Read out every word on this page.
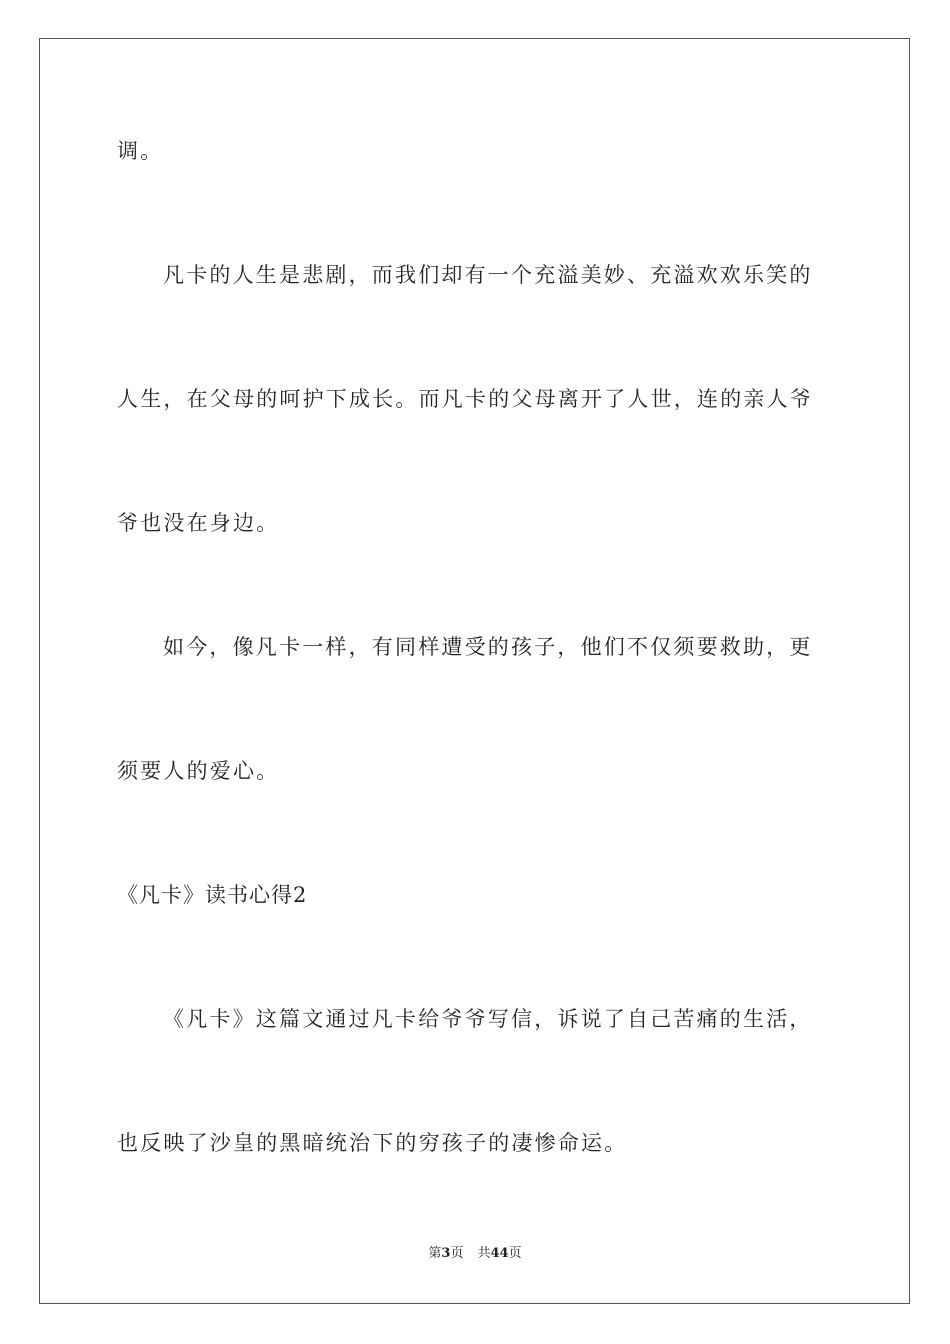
调。
凡卡的人生是悲剧，而我们却有一个充溢美妙、充溢欢欢乐笑的
人生，在父母的呵护下成长。而凡卡的父母离开了人世，连的亲人爷
爷也没在身边。
如今，像凡卡一样，有同样遭受的孩子，他们不仅须要救助，更
须要人的爱心。
《凡卡》读书心得2
《凡卡》这篇文通过凡卡给爷爷写信，诉说了自己苦痛的生活，
也反映了沙皇的黑暗统治下的穷孩子的凄惨命运。
第3页 共44页
